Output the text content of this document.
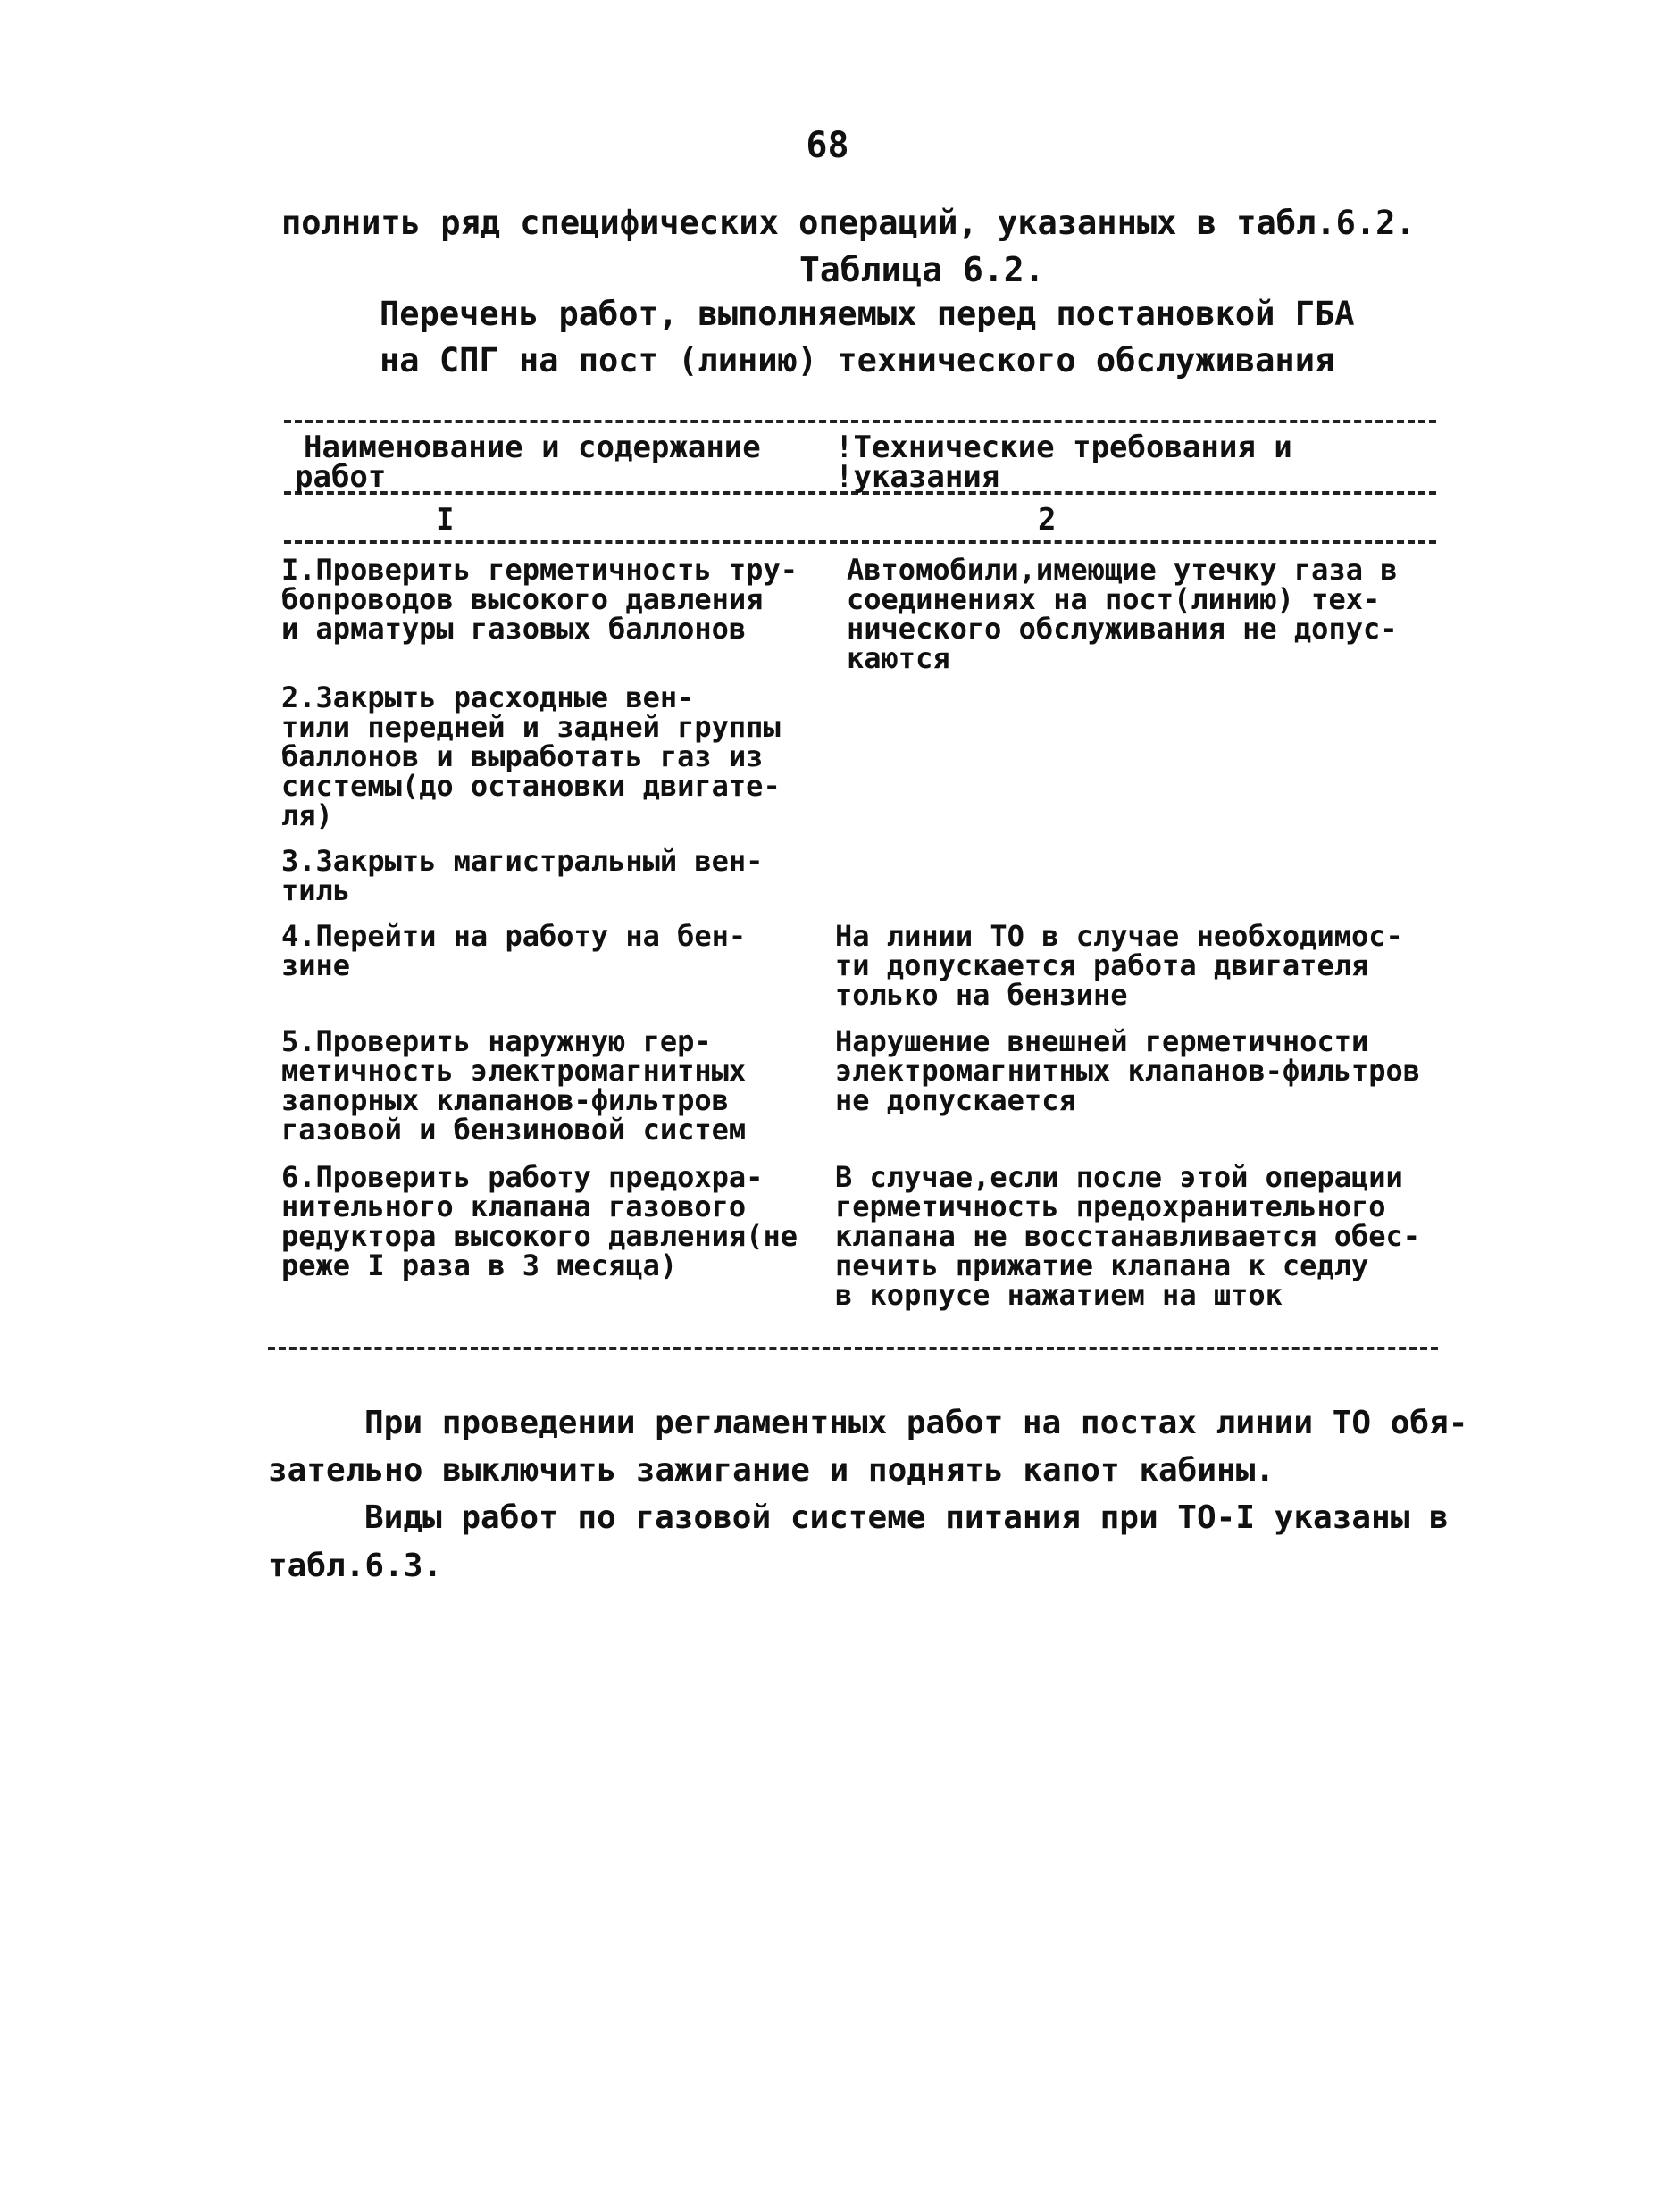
68
полнить ряд специфических операций, указанных в табл.6.2.
Таблица 6.2.
Перечень работ, выполняемых перед постановкой ГБА
на СПГ на пост (линию) технического обслуживания
Наименование и содержание
работ
!Технические требования и
!указания
I	2
I.Проверить герметичность тру-
бопроводов высокого давления
и арматуры газовых баллонов
Автомобили,имеющие утечку газа в
соединениях на пост(линию) тех-
нического обслуживания не допус-
каются
2.Закрыть расходные вен-
тили передней и задней группы
баллонов и выработать газ из
системы(до остановки двигате-
ля)
3.Закрыть магистральный вен-
тиль
4.Перейти на работу на бен-
зине
На линии ТО в случае необходимос-
ти допускается работа двигателя
только на бензине
5.Проверить наружную гер-
метичность электромагнитных
запорных клапанов-фильтров
газовой и бензиновой систем
Нарушение внешней герметичности
электромагнитных клапанов-фильтров
не допускается
6.Проверить работу предохра-
нительного клапана газового
редуктора высокого давления(не
реже I раза в 3 месяца)
В случае,если после этой операции
герметичность предохранительного
клапана не восстанавливается обес-
печить прижатие клапана к седлу
в корпусе нажатием на шток
При проведении регламентных работ на постах линии ТО обя-
зательно выключить зажигание и поднять капот кабины.
Виды работ по газовой системе питания при ТО-I указаны в
табл.6.3.
